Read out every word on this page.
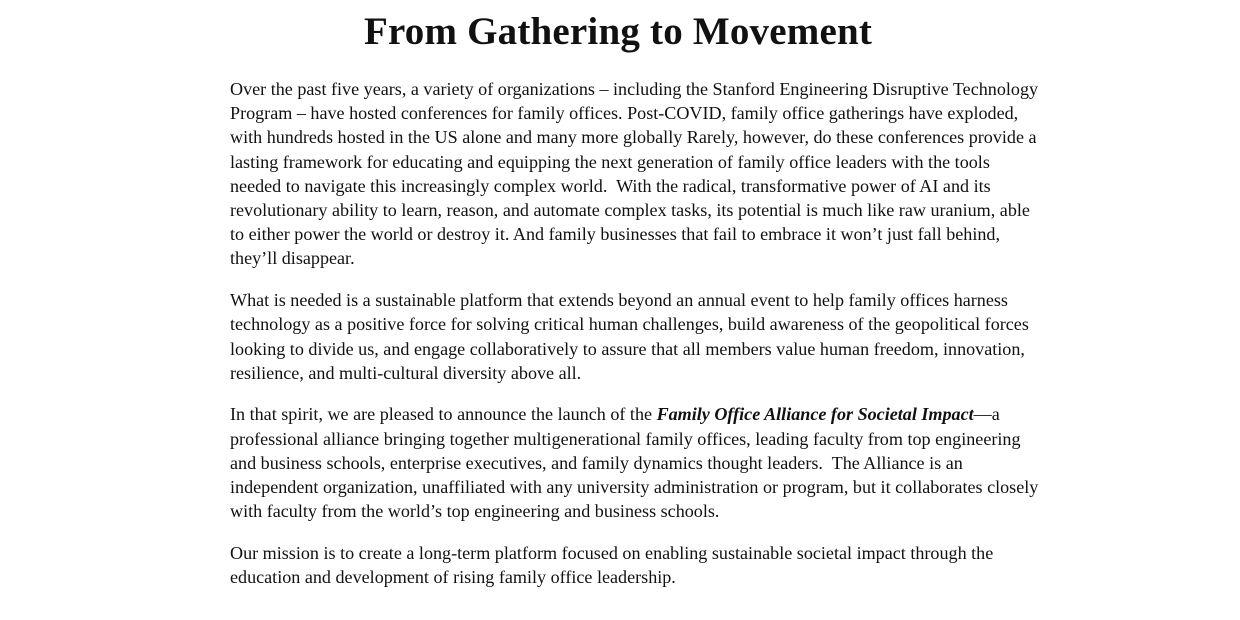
From Gathering to Movement

Over the past five years, a variety of organizations – including the Stanford Engineering Disruptive Technology
Program – have hosted conferences for family offices. Post-COVID, family office gatherings have exploded,
with hundreds hosted in the US alone and many more globally Rarely, however, do these conferences provide a
lasting framework for educating and equipping the next generation of family office leaders with the tools
needed to navigate this increasingly complex world.  With the radical, transformative power of AI and its
revolutionary ability to learn, reason, and automate complex tasks, its potential is much like raw uranium, able
to either power the world or destroy it. And family businesses that fail to embrace it won’t just fall behind,
they’ll disappear.

What is needed is a sustainable platform that extends beyond an annual event to help family offices harness
technology as a positive force for solving critical human challenges, build awareness of the geopolitical forces
looking to divide us, and engage collaboratively to assure that all members value human freedom, innovation,
resilience, and multi-cultural diversity above all.

In that spirit, we are pleased to announce the launch of the Family Office Alliance for Societal Impact—a
professional alliance bringing together multigenerational family offices, leading faculty from top engineering
and business schools, enterprise executives, and family dynamics thought leaders.  The Alliance is an
independent organization, unaffiliated with any university administration or program, but it collaborates closely
with faculty from the world’s top engineering and business schools.

Our mission is to create a long-term platform focused on enabling sustainable societal impact through the
education and development of rising family office leadership.
